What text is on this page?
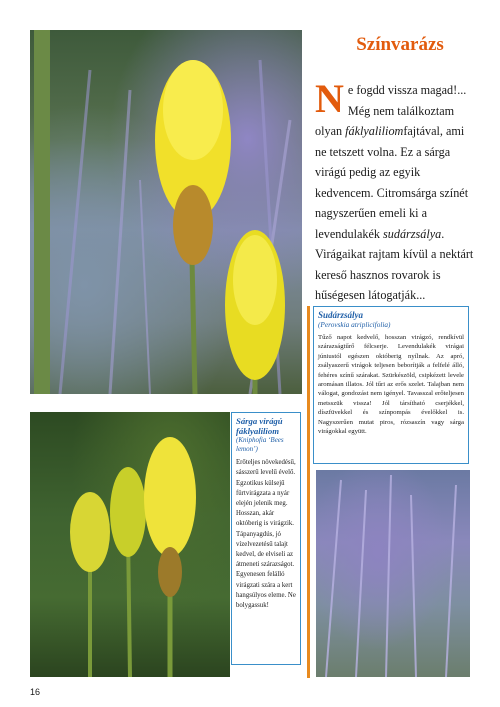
Színvarázs

Ne fogdd vissza magad!... Még nem találkoztam olyan fáklyaliliomfajtával, ami ne tetszett volna. Ez a sárga virágú pedig az egyik kedvencem. Citromsárga színét nagyszerűen emeli ki a levendulakék sudárzsálya. Virágaikat rajtam kívül a nektárt kereső hasznos rovarok is hűségesen látogatják...

Sudárzsálya

(Perovskia atriplicifolia)

Tűző napot kedvelő, hosszan virágzó, rendkívül szárazságtűrő félcserje. Levendulakék virágai júniustól egészen októberig nyílnak. Az apró, zsályaszerű virágok teljesen beborítják a felfelé álló, fehéres színű szárakat. Szürkészöld, csipkézett levele aromásan illatos. Jól tűri az erős szelet. Talajban nem válogat, gondozást nem igényel. Tavasszal erőteljesen metsszük vissza! Jól társítható cserjékkel, díszfüvekkel és színpompás évelőkkel is. Nagyszerűen mutat piros, rózsaszín vagy sárga virágokkal együtt.

Sárga virágú fáklyaliliom

(Kniphofia ‘Bees lemon’)

Erőteljes növekedésű, sásszerű levelű évelő. Egzotikus külsejű fürtvirágzata a nyár elején jelenik meg. Hosszan, akár októberig is virágzik. Tápanyagdús, jó vízelvezetésű talajt kedvel, de elviseli az átmeneti szárazságot. Egyenesen felálló virágzati szára a kert hangsúlyos eleme. Ne bolygassuk!

16
